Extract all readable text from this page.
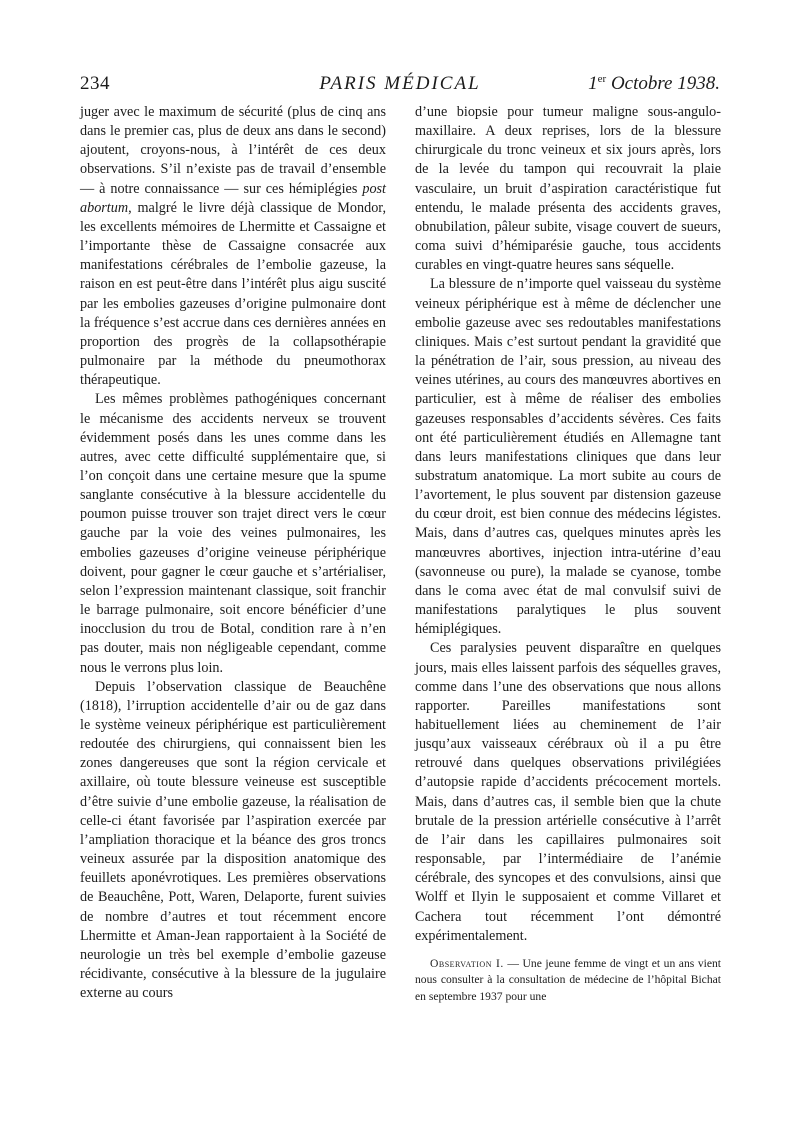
234	PARIS MÉDICAL	1er Octobre 1938.

juger avec le maximum de sécurité (plus de cinq ans dans le premier cas, plus de deux ans dans le second) ajoutent, croyons-nous, à l’intérêt de ces deux observations. S’il n’existe pas de travail d’ensemble — à notre connaissance — sur ces hémiplégies post abortum, malgré le livre déjà classique de Mondor, les excellents mémoires de Lhermitte et Cassaigne et l’importante thèse de Cassaigne consacrée aux manifestations cérébrales de l’embolie gazeuse, la raison en est peut-être dans l’intérêt plus aigu suscité par les embolies gazeuses d’origine pulmonaire dont la fréquence s’est accrue dans ces dernières années en proportion des progrès de la collapsothérapie pulmonaire par la méthode du pneumothorax thérapeutique.

Les mêmes problèmes pathogéniques concernant le mécanisme des accidents nerveux se trouvent évidemment posés dans les unes comme dans les autres, avec cette difficulté supplémentaire que, si l’on conçoit dans une certaine mesure que la spume sanglante consécutive à la blessure accidentelle du poumon puisse trouver son trajet direct vers le cœur gauche par la voie des veines pulmonaires, les embolies gazeuses d’origine veineuse périphérique doivent, pour gagner le cœur gauche et s’artérialiser, selon l’expression maintenant classique, soit franchir le barrage pulmonaire, soit encore bénéficier d’une inocclusion du trou de Botal, condition rare à n’en pas douter, mais non négligeable cependant, comme nous le verrons plus loin.

Depuis l’observation classique de Beauchêne (1818), l’irruption accidentelle d’air ou de gaz dans le système veineux périphérique est particulièrement redoutée des chirurgiens, qui connaissent bien les zones dangereuses que sont la région cervicale et axillaire, où toute blessure veineuse est susceptible d’être suivie d’une embolie gazeuse, la réalisation de celle-ci étant favorisée par l’aspiration exercée par l’ampliation thoracique et la béance des gros troncs veineux assurée par la disposition anatomique des feuillets aponévrotiques. Les premières observations de Beauchêne, Pott, Waren, Delaporte, furent suivies de nombre d’autres et tout récemment encore Lhermitte et Aman-Jean rapportaient à la Société de neurologie un très bel exemple d’embolie gazeuse récidivante, consécutive à la blessure de la jugulaire externe au cours

d’une biopsie pour tumeur maligne sous-angulo-maxillaire. A deux reprises, lors de la blessure chirurgicale du tronc veineux et six jours après, lors de la levée du tampon qui recouvrait la plaie vasculaire, un bruit d’aspiration caractéristique fut entendu, le malade présenta des accidents graves, obnubilation, pâleur subite, visage couvert de sueurs, coma suivi d’hémiparésie gauche, tous accidents curables en vingt-quatre heures sans séquelle.

La blessure de n’importe quel vaisseau du système veineux périphérique est à même de déclencher une embolie gazeuse avec ses redoutables manifestations cliniques. Mais c’est surtout pendant la gravidité que la pénétration de l’air, sous pression, au niveau des veines utérines, au cours des manœuvres abortives en particulier, est à même de réaliser des embolies gazeuses responsables d’accidents sévères. Ces faits ont été particulièrement étudiés en Allemagne tant dans leurs manifestations cliniques que dans leur substratum anatomique. La mort subite au cours de l’avortement, le plus souvent par distension gazeuse du cœur droit, est bien connue des médecins légistes. Mais, dans d’autres cas, quelques minutes après les manœuvres abortives, injection intra-utérine d’eau (savonneuse ou pure), la malade se cyanose, tombe dans le coma avec état de mal convulsif suivi de manifestations paralytiques le plus souvent hémiplégiques.

Ces paralysies peuvent disparaître en quelques jours, mais elles laissent parfois des séquelles graves, comme dans l’une des observations que nous allons rapporter. Pareilles manifestations sont habituellement liées au cheminement de l’air jusqu’aux vaisseaux cérébraux où il a pu être retrouvé dans quelques observations privilégiées d’autopsie rapide d’accidents précocement mortels. Mais, dans d’autres cas, il semble bien que la chute brutale de la pression artérielle consécutive à l’arrêt de l’air dans les capillaires pulmonaires soit responsable, par l’intermédiaire de l’anémie cérébrale, des syncopes et des convulsions, ainsi que Wolff et Ilyin le supposaient et comme Villaret et Cachera tout récemment l’ont démontré expérimentalement.

Observation I. — Une jeune femme de vingt et un ans vient nous consulter à la consultation de médecine de l’hôpital Bichat en septembre 1937 pour une
